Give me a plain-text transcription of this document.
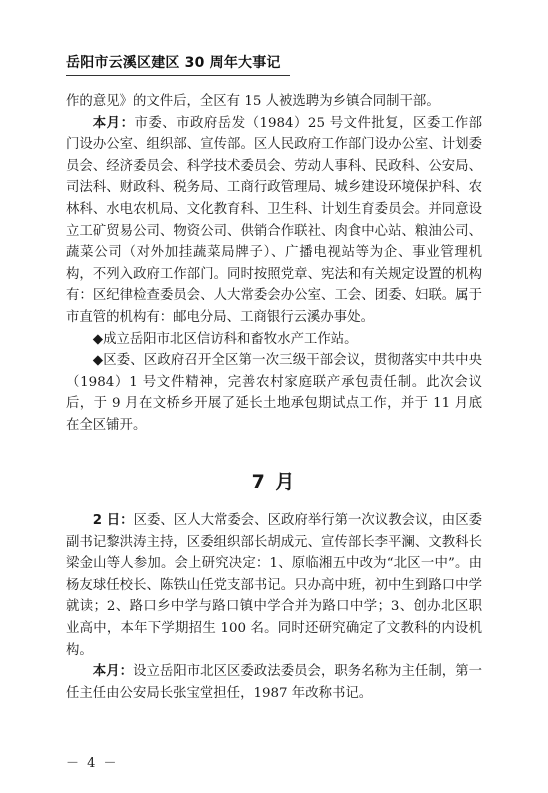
岳阳市云溪区建区 30 周年大事记

作的意见》的文件后，全区有 15 人被选聘为乡镇合同制干部。

本月：市委、市政府岳发（1984）25 号文件批复，区委工作部门设办公室、组织部、宣传部。区人民政府工作部门设办公室、计划委员会、经济委员会、科学技术委员会、劳动人事科、民政科、公安局、司法科、财政科、税务局、工商行政管理局、城乡建设环境保护科、农林科、水电农机局、文化教育科、卫生科、计划生育委员会。并同意设立工矿贸易公司、物资公司、供销合作联社、肉食中心站、粮油公司、蔬菜公司（对外加挂蔬菜局牌子）、广播电视站等为企、事业管理机构，不列入政府工作部门。同时按照党章、宪法和有关规定设置的机构有：区纪律检查委员会、人大常委会办公室、工会、团委、妇联。属于市直管的机构有：邮电分局、工商银行云溪办事处。

◆成立岳阳市北区信访科和畜牧水产工作站。

◆区委、区政府召开全区第一次三级干部会议，贯彻落实中共中央（1984）1 号文件精神，完善农村家庭联产承包责任制。此次会议后，于 9 月在文桥乡开展了延长土地承包期试点工作，并于 11 月底在全区铺开。

7 月

2 日：区委、区人大常委会、区政府举行第一次议教会议，由区委副书记黎洪涛主持，区委组织部长胡成元、宣传部长李平澜、文教科长梁金山等人参加。会上研究决定：1、原临湘五中改为“北区一中”。由杨友球任校长、陈铁山任党支部书记。只办高中班，初中生到路口中学就读；2、路口乡中学与路口镇中学合并为路口中学；3、创办北区职业高中，本年下学期招生 100 名。同时还研究确定了文教科的内设机构。

本月：设立岳阳市北区区委政法委员会，职务名称为主任制，第一任主任由公安局长张宝堂担任，1987 年改称书记。

－ 4 －
